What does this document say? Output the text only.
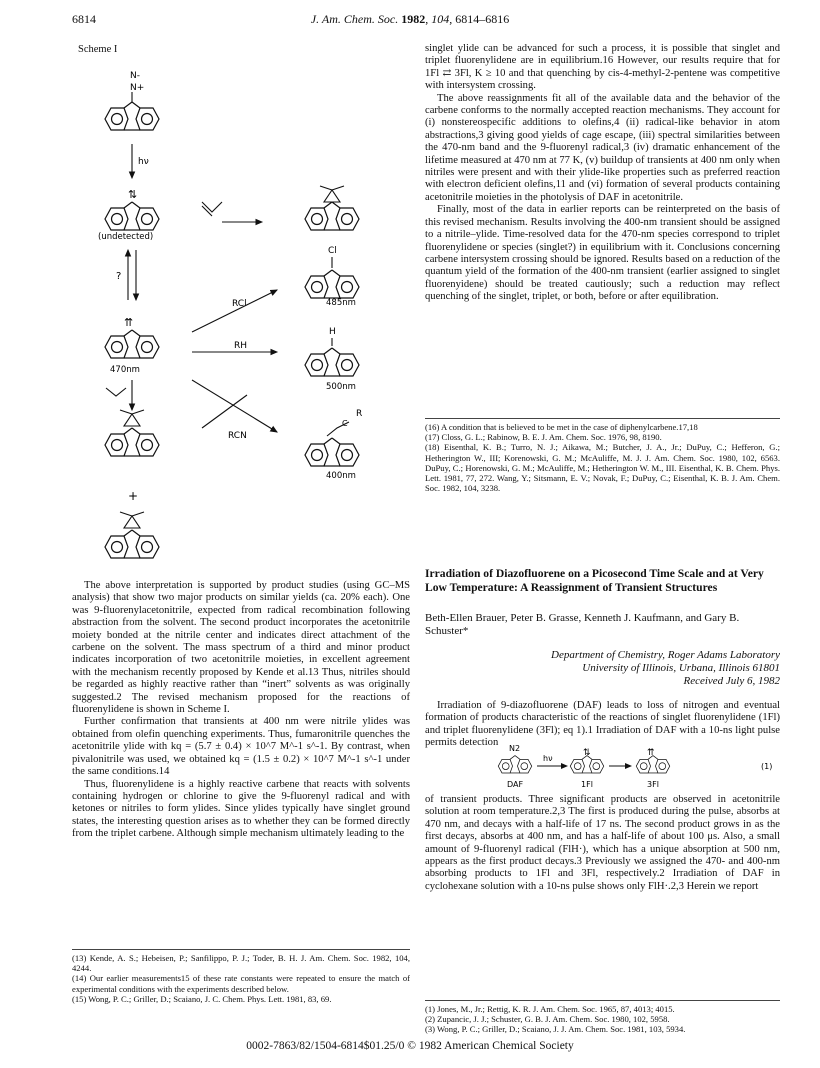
6814	J. Am. Chem. Soc. 1982, 104, 6814–6816
Scheme I
N-
N+
hν
⇅
(undetected)
?
⇈
470nm
RCl
Cl
485nm
RH
H
500nm
RCN
R
C
400nm
+

The above interpretation is supported by product studies (using GC–MS analysis) that show two major products on similar yields (ca. 20% each). One was 9-fluorenylacetonitrile, expected from radical recombination following abstraction from the solvent. The second product incorporates the acetonitrile moiety bonded at the nitrile center and indicates direct attachment of the carbene on the solvent. The mass spectrum of a third and minor product indicates incorporation of two acetonitrile moieties, in excellent agreement with the mechanism recently proposed by Kende et al.13 Thus, nitriles should be regarded as highly reactive rather than “inert” solvents as was originally suggested.2 The revised mechanism proposed for the reactions of fluorenylidene is shown in Scheme I.

Further confirmation that transients at 400 nm were nitrile ylides was obtained from olefin quenching experiments. Thus, fumaronitrile quenches the acetonitrile ylide with kq = (5.7 ± 0.4) × 10^7 M^-1 s^-1. By contrast, when pivalonitrile was used, we obtained kq = (1.5 ± 0.2) × 10^7 M^-1 s^-1 under the same conditions.14

Thus, fluorenylidene is a highly reactive carbene that reacts with solvents containing hydrogen or chlorine to give the 9-fluorenyl radical and with ketones or nitriles to form ylides. Since ylides typically have singlet ground states, the interesting question arises as to whether they can be formed directly from the triplet carbene. Although simple mechanism ultimately leading to the

(13) Kende, A. S.; Hebeisen, P.; Sanfilippo, P. J.; Toder, B. H. J. Am. Chem. Soc. 1982, 104, 4244.
(14) Our earlier measurements15 of these rate constants were repeated to ensure the match of experimental conditions with the experiments described below.
(15) Wong, P. C.; Griller, D.; Scaiano, J. C. Chem. Phys. Lett. 1981, 83, 69.

singlet ylide can be advanced for such a process, it is possible that singlet and triplet fluorenylidene are in equilibrium.16 However, our results require that for 1Fl ⇄ 3Fl, K ≥ 10 and that quenching by cis-4-methyl-2-pentene was competitive with intersystem crossing.

The above reassignments fit all of the available data and the behavior of the carbene conforms to the normally accepted reaction mechanisms. They account for (i) nonstereospecific additions to olefins,4 (ii) radical-like behavior in atom abstractions,3 giving good yields of cage escape, (iii) spectral similarities between the 470-nm band and the 9-fluorenyl radical,3 (iv) dramatic enhancement of the lifetime measured at 470 nm at 77 K, (v) buildup of transients at 400 nm only when nitriles were present and with their ylide-like properties such as preferred reaction with electron deficient olefins,11 and (vi) formation of several products containing acetonitrile moieties in the photolysis of DAF in acetonitrile.

Finally, most of the data in earlier reports can be reinterpreted on the basis of this revised mechanism. Results involving the 400-nm transient should be assigned to a nitrile–ylide. Time-resolved data for the 470-nm species correspond to triplet fluorenylidene or species (singlet?) in equilibrium with it. Conclusions concerning carbene intersystem crossing should be ignored. Results based on a reduction of the quantum yield of the formation of the 400-nm transient (earlier assigned to singlet fluorenyidene) should be treated cautiously; such a reduction may reflect quenching of the singlet, triplet, or both, before or after equilibration.

(16) A condition that is believed to be met in the case of diphenylcarbene.17,18
(17) Closs, G. L.; Rabinow, B. E. J. Am. Chem. Soc. 1976, 98, 8190.
(18) Eisenthal, K. B.; Turro, N. J.; Aikawa, M.; Butcher, J. A., Jr.; DuPuy, C.; Hefferon, G.; Hetherington W., III; Korenowski, G. M.; McAuliffe, M. J. J. Am. Chem. Soc. 1980, 102, 6563. DuPuy, C.; Horenowski, G. M.; McAuliffe, M.; Hetherington W. M., III. Eisenthal, K. B. Chem. Phys. Lett. 1981, 77, 272. Wang, Y.; Sitsmann, E. V.; Novak, F.; DuPuy, C.; Eisenthal, K. B. J. Am. Chem. Soc. 1982, 104, 3238.
Irradiation of Diazofluorene on a Picosecond Time Scale and at Very Low Temperature: A Reassignment of Transient Structures
Beth-Ellen Brauer, Peter B. Grasse, Kenneth J. Kaufmann, and Gary B. Schuster*
Department of Chemistry, Roger Adams Laboratory
University of Illinois, Urbana, Illinois 61801
Received July 6, 1982

Irradiation of 9-diazofluorene (DAF) leads to loss of nitrogen and eventual formation of products characteristic of the reactions of singlet fluorenylidene (1Fl) and triplet fluorenylidene (3Fl); eq 1).1 Irradiation of DAF with a 10-ns light pulse permits detection

N2
hν
⇅	⇈
DAF	1Fl	3Fl
(1)

of transient products. Three significant products are observed in acetonitrile solution at room temperature.2,3 The first is produced during the pulse, absorbs at 470 nm, and decays with a half-life of 17 ns. The second product grows in as the first decays, absorbs at 400 nm, and has a half-life of about 100 μs. Also, a small amount of 9-fluorenyl radical (FlH·), which has a unique absorption at 500 nm, appears as the first product decays.3 Previously we assigned the 470- and 400-nm absorbing products to 1Fl and 3Fl, respectively.2 Irradiation of DAF in cyclohexane solution with a 10-ns pulse shows only FlH·.2,3 Herein we report

(1) Jones, M., Jr.; Rettig, K. R. J. Am. Chem. Soc. 1965, 87, 4013; 4015.
(2) Zupancic, J. J.; Schuster, G. B. J. Am. Chem. Soc. 1980, 102, 5958.
(3) Wong, P. C.; Griller, D.; Scaiano, J. J. Am. Chem. Soc. 1981, 103, 5934.
0002-7863/82/1504-6814$01.25/0 © 1982 American Chemical Society
